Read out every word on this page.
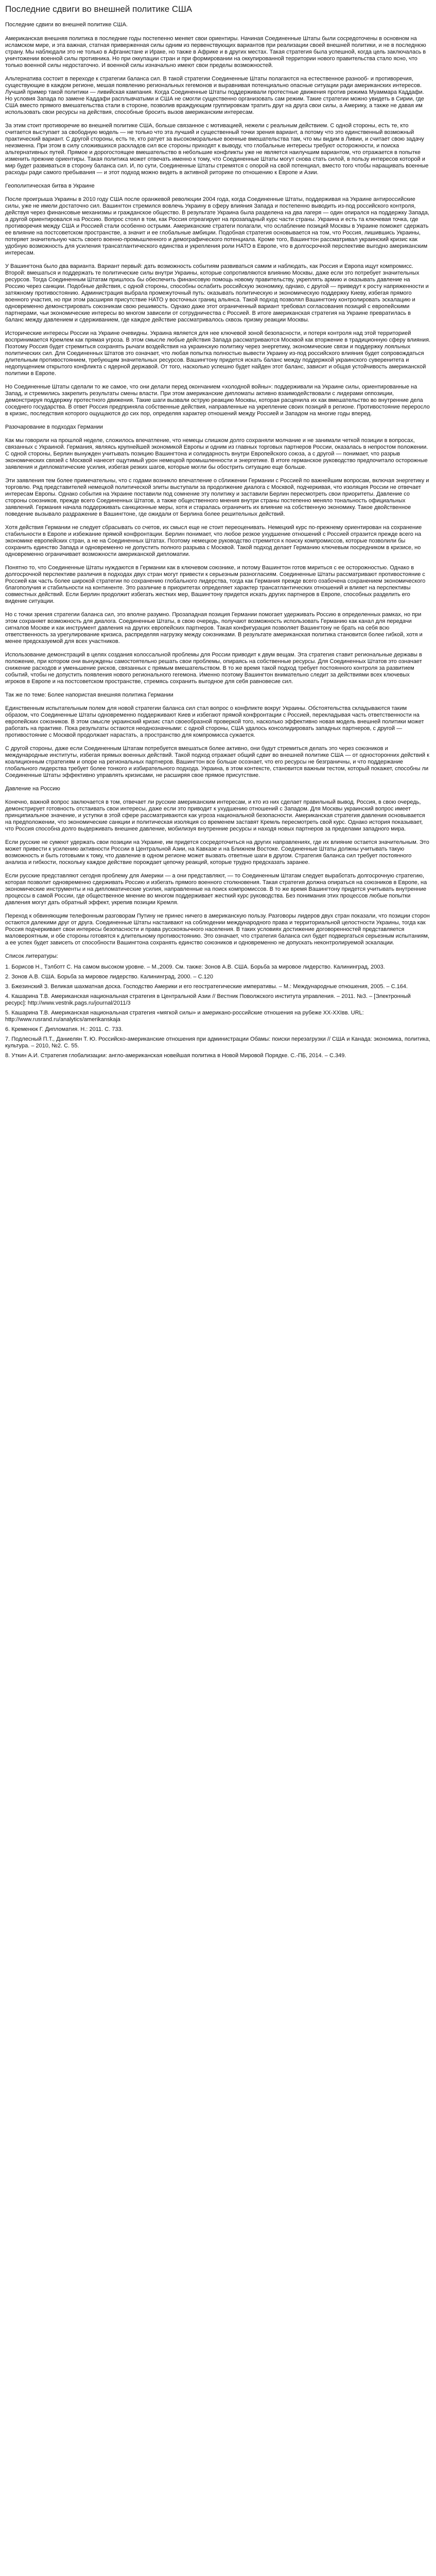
Последние сдвиги во внешней политике США

Последние сдвиги во внешней политике США.

Американская внешняя политика в последние годы постепенно меняет свои ориентиры. Начиная Соединенные Штаты были сосредоточены в основном на исламском мире, и эта важная, статная приверженная силы одним из первенствующих вариантов при реализации своей внешней политики, и не в последнюю страну. Мы наблюдали это не только в Афганистане и Ираке, но также в Африке и в других местах. Такая стратегия была успешной, когда цель заключалась в уничтожении военной силы противника. Но при оккупации стран и при формировании на оккупированной территории нового правительства стало ясно, что только военной силы недостаточно. И военной силы изначально имеют свои пределы возможностей.

Альтернатива состоит в переходе к стратегии баланса сил. В такой стратегии Соединенные Штаты полагаются на естественное разнооб- и противоречия, существующие в каждом регионе, мешая появлению региональных гегемонов и выравнивая потенциально опасные ситуации ради американских интересов. Лучший пример такой политики — ливийская кампания. Когда Соединенные Штаты поддерживали протестные движения против режима Муаммара Каддафи. Но условия Запада по замене Каддафи расплывчатыми и США не смогли существенно организовать сам режим. Такие стратегии можно увидеть в Сирии, где США вместо прямого вмешательства стали в стороне, позволив враждующим группировкам тратить друг на друга свои силы, а Америку, а также не давая им использовать свои ресурсы на действия, способные бросить вызов американским интересам.

За этим стоит противоречие во внешней политике США, больше связанное с мотивацией, нежели с реальным действием. С одной стороны, есть те, кто считается выступает за свободную модель — не только что эта лучший и существенный точки зрения вариант, а потому что это единственный возможный практический вариант. С другой стороны, есть те, кто ратует за высокоморальные военные вмешательства там, что мы видим в Ливии, и считает свою задачу неизменна. При этом в силу сложившихся раскладов сил все стороны приходят к выводу, что глобальные интересы требуют осторожности, и поиска альтернативных путей. Прямое и дорогостоящее вмешательство в небольшие конфликты уже не является наилучшим вариантом, что отражается в попытке изменить прежние ориентиры. Такая политика может отвечать именно к тому, что Соединенные Штаты могут снова стать силой, в пользу интересов которой и мир будет развиваться в сторону баланса сил. И, по сути, Соединенные Штаты стремятся с опорой на свой потенциал, вместо того чтобы наращивать военные расходы ради самого пребывания — и этот подход можно видеть в активной риторике по отношению к Европе и Азии.

Геополитическая битва в Украине

После проигрыша Украины в 2010 году США после оранжевой революции 2004 года, когда Соединенные Штаты, поддерживая на Украине антироссийские силы, уже не имели достаточно сил. Вашингтон стремился вовлечь Украину в сферу влияния Запада и постепенно выводить из-под российского контроля, действуя через финансовые механизмы и гражданское общество. В результате Украина была разделена на два лагеря — один опирался на поддержку Запада, а другой ориентировался на Россию. Вопрос стоял в том, как Россия отреагирует на прозападный курс части страны. Украина и есть та ключевая точка, где противоречия между США и Россией стали особенно острыми. Американские стратеги полагали, что ослабление позиций Москвы в Украине поможет сдержать ее влияние на постсоветском пространстве, а значит и ее глобальные амбиции. Подобная стратегия основывается на том, что Россия, лишившись Украины, потеряет значительную часть своего военно-промышленного и демографического потенциала. Кроме того, Вашингтон рассматривал украинский кризис как удобную возможность для усиления трансатлантического единства и укрепления роли НАТО в Европе, что в долгосрочной перспективе выгодно американским интересам.

У Вашингтона было два варианта. Вариант первый: дать возможность событиям развиваться самим и наблюдать, как Россия и Европа ищут компромисс. Второй: вмешаться и поддержать те политические силы внутри Украины, которые сопротивляются влиянию Москвы, даже если это потребует значительных ресурсов. Тогда Соединенным Штатам пришлось бы обеспечить финансовую помощь новому правительству, укреплять армию и оказывать давление на Россию через санкции. Подобные действия, с одной стороны, способны ослабить российскую экономику, однако, с другой — приведут к росту напряженности и затяжному противостоянию. Администрация выбрала промежуточный путь: оказывать политическую и экономическую поддержку Киеву, избегая прямого военного участия, но при этом расширяя присутствие НАТО у восточных границ альянса. Такой подход позволял Вашингтону контролировать эскалацию и одновременно демонстрировать союзникам свою решимость. Однако даже этот ограниченный вариант требовал согласования позиций с европейскими партнерами, чьи экономические интересы во многом зависели от сотрудничества с Россией. В итоге американская стратегия на Украине превратилась в баланс между давлением и сдерживанием, где каждое действие рассматривалось сквозь призму реакции Москвы.

Исторические интересы России на Украине очевидны. Украина является для нее ключевой зоной безопасности, и потеря контроля над этой территорией воспринимается Кремлем как прямая угроза. В этом смысле любые действия Запада рассматриваются Москвой как вторжение в традиционную сферу влияния. Поэтому Россия будет стремиться сохранять рычаги воздействия на украинскую политику через энергетику, экономические связи и поддержку лояльных политических сил. Для Соединенных Штатов это означает, что любая попытка полностью вывести Украину из-под российского влияния будет сопровождаться длительным противостоянием, требующим значительных ресурсов. Вашингтону придется искать баланс между поддержкой украинского суверенитета и недопущением открытого конфликта с ядерной державой. От того, насколько успешно будет найден этот баланс, зависит и общая устойчивость американской политики в Европе.

Но Соединенные Штаты сделали то же самое, что они делали перед окончанием «холодной войны»: поддерживали на Украине силы, ориентированные на Запад, и стремились закрепить результаты смены власти. При этом американские дипломаты активно взаимодействовали с лидерами оппозиции, демонстрируя поддержку протестного движения. Такие шаги вызвали острую реакцию Москвы, которая расценила их как вмешательство во внутренние дела соседнего государства. В ответ Россия предприняла собственные действия, направленные на укрепление своих позиций в регионе. Противостояние переросло в кризис, последствия которого ощущаются до сих пор, определяя характер отношений между Россией и Западом на многие годы вперед.

Разочарование в подходах Германии

Как мы говорили на прошлой неделе, сложилось впечатление, что немецы слишком долго сохраняли молчание и не занимали четкой позиции в вопросах, связанных с Украиной. Германия, являясь крупнейшей экономикой Европы и одним из главных торговых партнеров России, оказалась в непростом положении. С одной стороны, Берлин вынужден учитывать позицию Вашингтона и солидарность внутри Европейского союза, а с другой — понимает, что разрыв экономических связей с Москвой нанесет ощутимый урон немецкой промышленности и энергетике. В итоге германское руководство предпочитало осторожные заявления и дипломатические усилия, избегая резких шагов, которые могли бы обострить ситуацию еще больше.

Эти заявления тем более примечательны, что с годами возникло впечатление о сближении Германии с Россией по важнейшим вопросам, включая энергетику и торговлю. Ряд представителей немецкой политической элиты выступали за продолжение диалога с Москвой, подчеркивая, что изоляция России не отвечает интересам Европы. Однако события на Украине поставили под сомнение эту политику и заставили Берлин пересмотреть свои приоритеты. Давление со стороны союзников, прежде всего Соединенных Штатов, а также общественного мнения внутри страны постепенно меняло тональность официальных заявлений. Германия начала поддерживать санкционные меры, хотя и старалась ограничить их влияние на собственную экономику. Такое двойственное поведение вызывало раздражение в Вашингтоне, где ожидали от Берлина более решительных действий.

Хотя действия Германии не следует сбрасывать со счетов, их смысл еще не стоит переоценивать. Немецкий курс по-прежнему ориентирован на сохранение стабильности в Европе и избежание прямой конфронтации. Берлин понимает, что любое резкое ухудшение отношений с Россией отразится прежде всего на экономике европейских стран, а не на Соединенных Штатах. Поэтому немецкое руководство стремится к поиску компромиссов, которые позволили бы сохранить единство Запада и одновременно не допустить полного разрыва с Москвой. Такой подход делает Германию ключевым посредником в кризисе, но одновременно ограничивает возможности американской дипломатии.

Понятно то, что Соединенные Штаты нуждаются в Германии как в ключевом союзнике, и потому Вашингтон готов мириться с ее осторожностью. Однако в долгосрочной перспективе различия в подходах двух стран могут привести к серьезным разногласиям. Соединенные Штаты рассматривают противостояние с Россией как часть более широкой стратегии по сохранению глобального лидерства, тогда как Германия прежде всего озабочена сохранением экономического благополучия и стабильности на континенте. Это различие в приоритетах определяет характер трансатлантических отношений и влияет на перспективы совместных действий. Если Берлин продолжит избегать жестких мер, Вашингтону придется искать других партнеров в Европе, способных разделить его видение ситуации.

Но с точки зрения стратегии баланса сил, это вполне разумно. Прозападная позиция Германии помогает удерживать Россию в определенных рамках, но при этом сохраняет возможность для диалога. Соединенные Штаты, в свою очередь, получают возможность использовать Германию как канал для передачи сигналов Москве и как инструмент давления на других европейских партнеров. Такая конфигурация позволяет Вашингтону не брать на себя всю ответственность за урегулирование кризиса, распределяя нагрузку между союзниками. В результате американская политика становится более гибкой, хотя и менее предсказуемой для всех участников.

Использование демонстраций в целях создания колоссальной проблемы для России приводит к двум вещам. Эта стратегия ставит региональные державы в положение, при котором они вынуждены самостоятельно решать свои проблемы, опираясь на собственные ресурсы. Для Соединенных Штатов это означает снижение расходов и уменьшение рисков, связанных с прямым вмешательством. В то же время такой подход требует постоянного контроля за развитием событий, чтобы не допустить появления нового регионального гегемона. Именно поэтому Вашингтон внимательно следит за действиями всех ключевых игроков в Европе и на постсоветском пространстве, стремясь сохранить выгодное для себя равновесие сил.

Так же по теме: Более напористая внешняя политика Германии

Единственным испытательным полем для новой стратегии баланса сил стал вопрос о конфликте вокруг Украины. Обстоятельства складываются таким образом, что Соединенные Штаты одновременно поддерживают Киев и избегают прямой конфронтации с Россией, перекладывая часть ответственности на европейских союзников. В этом смысле украинский кризис стал своеобразной проверкой того, насколько эффективно новая модель внешней политики может работать на практике. Пока результаты остаются неоднозначными: с одной стороны, США удалось консолидировать западных партнеров, с другой — противостояние с Москвой продолжает нарастать, а пространство для компромисса сужается.

С другой стороны, даже если Соединенным Штатам потребуется вмешаться более активно, они будут стремиться делать это через союзников и международные институты, избегая прямых военных действий. Такой подход отражает общий сдвиг во внешней политике США — от односторонних действий к коалиционным стратегиям и опоре на региональных партнеров. Вашингтон все больше осознает, что его ресурсы не безграничны, и что поддержание глобального лидерства требует более тонкого и избирательного подхода. Украина, в этом контексте, становится важным тестом, который покажет, способны ли Соединенные Штаты эффективно управлять кризисами, не расширяя свое прямое присутствие.

Давление на Россию

Конечно, важной вопрос заключается в том, отвечает ли русские американским интересам, и кто из них сделает правильный вывод. Россия, в свою очередь, демонстрирует готовность отстаивать свои интересы, даже если это приводит к ухудшению отношений с Западом. Для Москвы украинский вопрос имеет принципиальное значение, и уступки в этой сфере рассматриваются как угроза национальной безопасности. Американская стратегия давления основывается на предположении, что экономические санкции и политическая изоляция со временем заставят Кремль пересмотреть свой курс. Однако история показывает, что Россия способна долго выдерживать внешнее давление, мобилизуя внутренние ресурсы и находя новых партнеров за пределами западного мира.

Если русские не сумеют удержать свои позиции на Украине, им придется сосредоточиться на других направлениях, где их влияние остается значительным. Это может привести к усилению активности России в Центральной Азии, на Кавказе и на Ближнем Востоке. Соединенные Штаты должны учитывать такую возможность и быть готовыми к тому, что давление в одном регионе может вызвать ответные шаги в другом. Стратегия баланса сил требует постоянного анализа и гибкости, поскольку каждое действие порождает цепочку реакций, которые трудно предсказать заранее.

Если русские представляют сегодня проблему для Америки — а они представляют, — то Соединенным Штатам следует выработать долгосрочную стратегию, которая позволит одновременно сдерживать Россию и избегать прямого военного столкновения. Такая стратегия должна опираться на союзников в Европе, на экономические инструменты и на дипломатические усилия, направленные на поиск компромиссов. В то же время Вашингтону придется учитывать внутренние процессы в самой России, где общественное мнение во многом поддерживает жесткий курс руководства. Без понимания этих процессов любые попытки давления могут дать обратный эффект, укрепив позиции Кремля.

Переход к обвиняющим телефонным разговорам Путину не принес ничего в американскую пользу. Разговоры лидеров двух стран показали, что позиции сторон остаются далекими друг от друга. Соединенные Штаты настаивают на соблюдении международного права и территориальной целостности Украины, тогда как Россия подчеркивает свои интересы безопасности и права русскоязычного населения. В таких условиях достижение договоренностей представляется маловероятным, и обе стороны готовятся к длительному противостоянию. Это означает, что стратегия баланса сил будет подвергаться серьезным испытаниям, а ее успех будет зависеть от способности Вашингтона сохранять единство союзников и одновременно не допускать неконтролируемой эскалации.

Список литературы:
1. Борисов Н., Тэлботт С. На самом высоком уровне. – М.,2009. См. также: Зонов А.В. США. Борьба за мировое лидерство. Калининград, 2003.
2. Зонов А.В. США. Борьба за мировое лидерство. Калининград, 2000. – С.120
3. Бжезинский З. Великая шахматная доска. Господство Америки и его геостратегические императивы. – М.: Международные отношения, 2005. – С.164.
4. Кашарина Т.В. Американская национальная стратегия в Центральной Азии // Вестник Поволжского института управления. – 2011. №3. – [Электронный ресурс]: http://www.vestnik.pags.ru/journal/2011/3
5. Кашарина Т.В. Американская национальная стратегия «мягкой силы» и американо-российские отношения на рубеже XX-XXIвв. URL: http://www.rusrand.ru/analytics/amerikanskaja
6. Кременюк Г. Дипломатия. Н.: 2011. С. 733.
7. Подлесный П.Т., Даниелян Т. Ю. Российско-американские отношения при администрации Обамы: поиски перезагрузки // США и Канада: экономика, политика, культура. – 2010, №2. С. 55.
8. Уткин А.И. Стратегия глобализации: англо-американская новейшая политика в Новой Мировой Порядке. С.-ПБ, 2014. – С.349.
